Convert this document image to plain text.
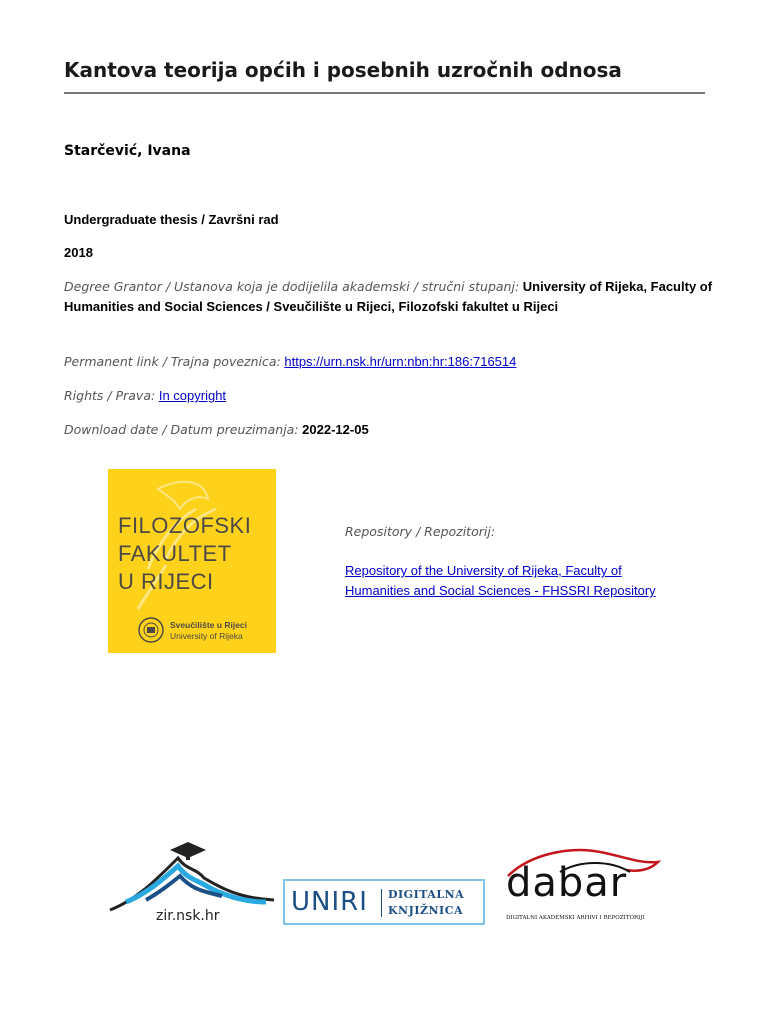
Kantova teorija općih i posebnih uzročnih odnosa
Starčević, Ivana
Undergraduate thesis / Završni rad
2018
Degree Grantor / Ustanova koja je dodijelila akademski / stručni stupanj: University of Rijeka, Faculty of Humanities and Social Sciences / Sveučilište u Rijeci, Filozofski fakultet u Rijeci
Permanent link / Trajna poveznica: https://urn.nsk.hr/urn:nbn:hr:186:716514
Rights / Prava: In copyright
Download date / Datum preuzimanja: 2022-12-05
FILOZOFSKI
FAKULTET
U RIJECI
Sveučilište u Rijeci
University of Rijeka
Repository / Repozitorij:
Repository of the University of Rijeka, Faculty of Humanities and Social Sciences - FHSSRI Repository
zir.nsk.hr	UNIRI DIGITALNA
KNJIŽNICA
dabar
DIGITALNI AKADEMSKI ARHIVI I REPOZITORIJI
